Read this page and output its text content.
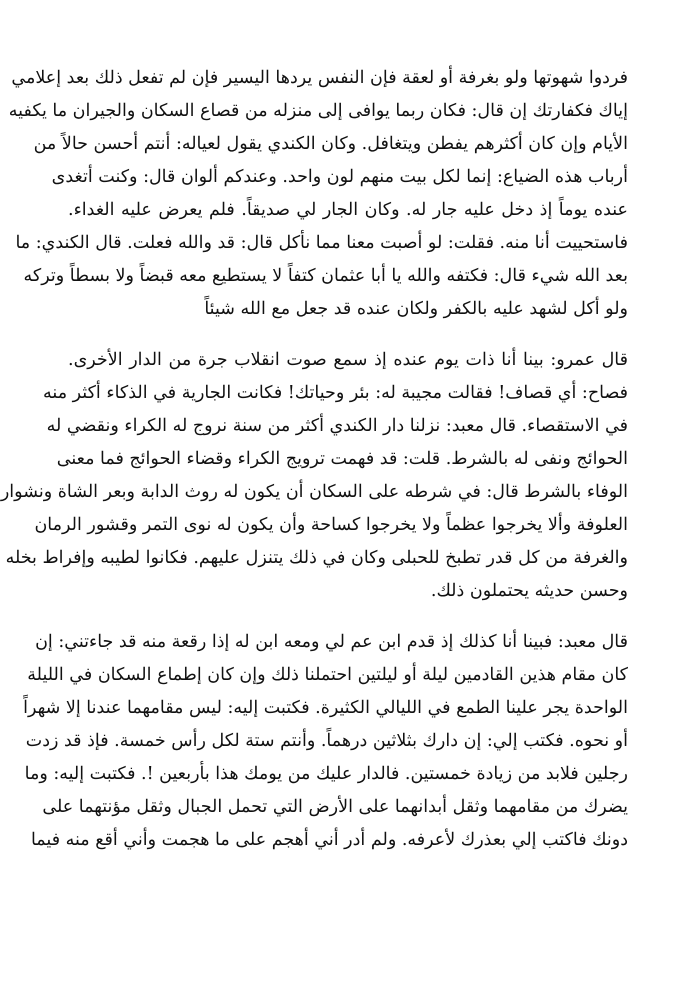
فردوا شهوتها ولو بغرفة أو لعقة فإن النفس يردها اليسير فإن لم تفعل ذلك بعد إعلامي
إياك فكفارتك إن قال: فكان ربما يوافى إلى منزله من قصاع السكان والجيران ما يكفيه
الأيام وإن كان أكثرهم يفطن ويتغافل. وكان الكندي يقول لعياله: أنتم أحسن حالاً من
أرباب هذه الضياع: إنما لكل بيت منهم لون واحد. وعندكم ألوان قال: وكنت أتغدى
عنده يوماً إذ دخل عليه جار له. وكان الجار لي صديقاً. فلم يعرض عليه الغداء.
فاستحييت أنا منه. فقلت: لو أصبت معنا مما نأكل قال: قد والله فعلت. قال الكندي: ما
بعد الله شيء قال: فكتفه والله يا أبا عثمان كتفاً لا يستطيع معه قبضاً ولا بسطاً وتركه
ولو أكل لشهد عليه بالكفر ولكان عنده قد جعل مع الله شيئاً
قال عمرو: بينا أنا ذات يوم عنده إذ سمع صوت انقلاب جرة من الدار الأخرى.
فصاح: أي قصاف! فقالت مجيبة له: بئر وحياتك! فكانت الجارية في الذكاء أكثر منه
في الاستقصاء. قال معبد: نزلنا دار الكندي أكثر من سنة نروج له الكراء ونقضي له
الحوائج ونفى له بالشرط. قلت: قد فهمت ترويج الكراء وقضاء الحوائج فما معنى
الوفاء بالشرط قال: في شرطه على السكان أن يكون له روث الدابة وبعر الشاة ونشوار
العلوفة وألا يخرجوا عظماً ولا يخرجوا كساحة وأن يكون له نوى التمر وقشور الرمان
والغرفة من كل قدر تطبخ للحبلى وكان في ذلك يتنزل عليهم. فكانوا لطيبه وإفراط بخله
وحسن حديثه يحتملون ذلك.
قال معبد: فبينا أنا كذلك إذ قدم ابن عم لي ومعه ابن له إذا رقعة منه قد جاءتني: إن
كان مقام هذين القادمين ليلة أو ليلتين احتملنا ذلك وإن كان إطماع السكان في الليلة
الواحدة يجر علينا الطمع في الليالي الكثيرة. فكتبت إليه: ليس مقامهما عندنا إلا شهراً
أو نحوه. فكتب إلي: إن دارك بثلاثين درهماً. وأنتم ستة لكل رأس خمسة. فإذ قد زدت
رجلين فلابد من زيادة خمستين. فالدار عليك من يومك هذا بأربعين !. فكتبت إليه: وما
يضرك من مقامهما وثقل أبدانهما على الأرض التي تحمل الجبال وثقل مؤنتهما على
دونك فاكتب إلي بعذرك لأعرفه. ولم أدر أني أهجم على ما هجمت وأني أقع منه فيما
